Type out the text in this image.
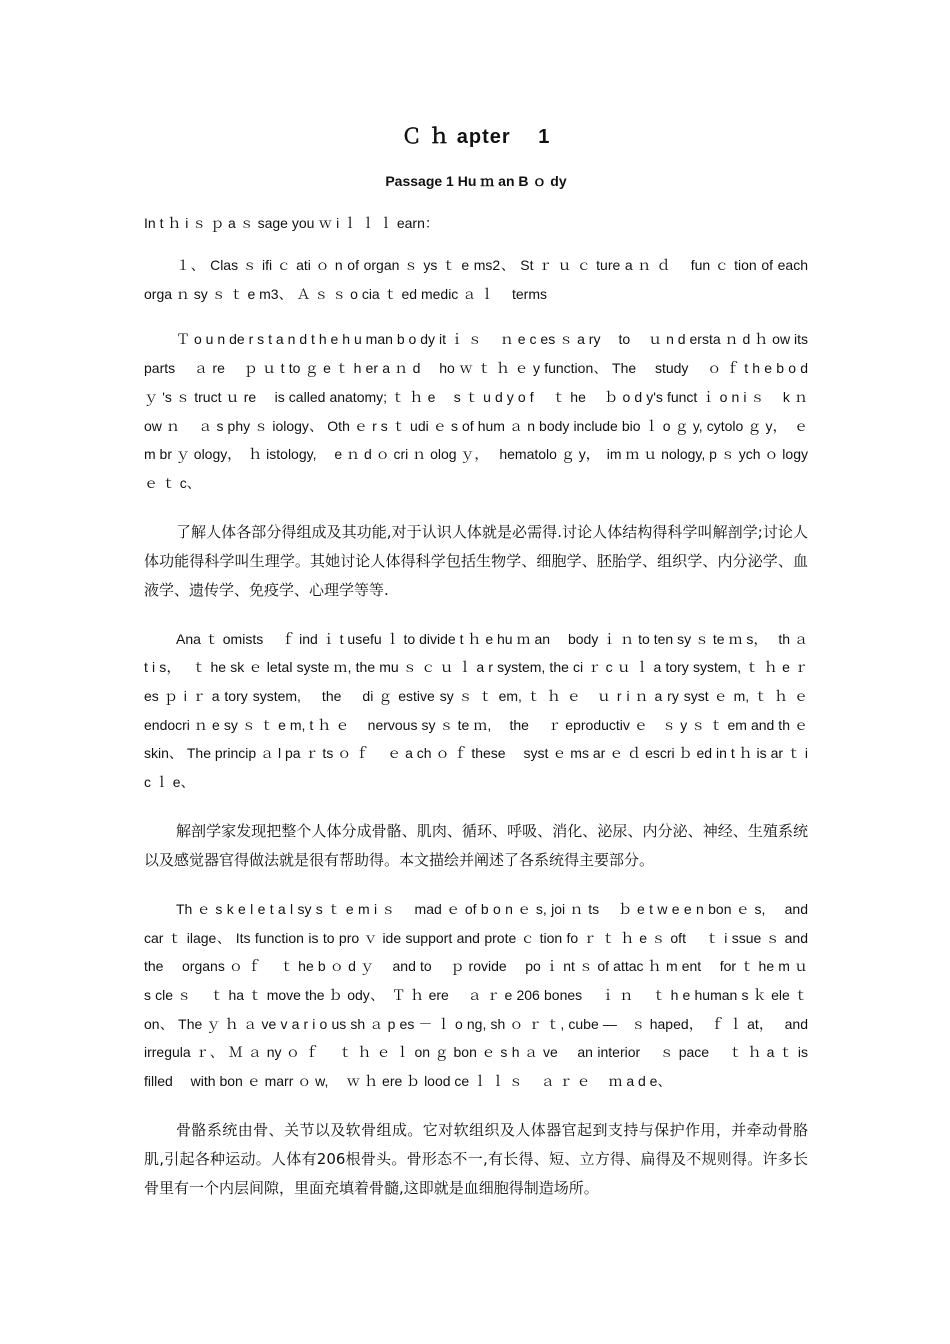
Ｃ ｈ apter　 1
Passage 1 Hu ｍ an B ｏ dy

In t ｈ i ｓ ｐ a ｓ sage you ｗ i ｌ ｌ ｌ earn：

１、 Clas ｓ ifi ｃ ati ｏ n of organ ｓ ys ｔ e ms2、 St ｒ ｕ ｃ ture a ｎ ｄ　 fun ｃ tion of each　 orga ｎ sy ｓ ｔ e m3、 Ａ ｓ ｓ o cia ｔ ed medic ａ ｌ　 terms

Ｔ o u n de r s t a n d t h e h u man b o dy it ｉ ｓ　 ｎ e c es ｓ a ry　 to　 ｕ n d ersta ｎ d ｈ ow its　 parts　 ａ re　 ｐ ｕ t to ｇ e ｔ h er a ｎ d　 ho ｗ ｔ ｈ ｅ y function、 The　 study　 ｏ ｆ t h e b o d ｙ 's ｓ truct ｕ re　 is called anatomy; ｔ ｈ e　 s ｔ u d y o f　 ｔ he　 ｂ o d y's funct ｉ o n i ｓ　 k ｎ ow ｎ　 ａ s phy ｓ iology、 Oth ｅ r s ｔ udi ｅ s of hum ａ n body include bio ｌ o ｇ y, cytolo ｇ y，　ｅ m br ｙ ology，　ｈ istology,　 e ｎ d ｏ cri ｎ olog ｙ，　 hematolo ｇ y，　im ｍ ｕ nology, p ｓ ych ｏ logy　 ｅ ｔ c、

了解人体各部分得组成及其功能,对于认识人体就是必需得.讨论人体结构得科学叫解剖学;讨论人体功能得科学叫生理学。其她讨论人体得科学包括生物学、细胞学、胚胎学、组织学、内分泌学、血液学、遗传学、免疫学、心理学等等.

Ana ｔ omists　 ｆ ind ｉ t usefu ｌ to divide t ｈ e hu ｍ an　 body ｉ ｎ to ten sy ｓ te ｍ s，　 th ａ t i s，　 ｔ he sk ｅ letal syste ｍ, the mu ｓ ｃ ｕ ｌ a r system, the ci ｒ c ｕ ｌ a tory system, ｔ ｈ e ｒ es ｐ i ｒ a tory system,　 the　 di ｇ estive sy ｓ ｔ em, ｔ ｈ ｅ　ｕ r i ｎ a ry syst ｅ m, ｔ ｈ ｅ endocri ｎ e sy ｓ ｔ e m, t ｈ ｅ　 nervous sy ｓ te ｍ,　 the　 ｒ eproductiv ｅ　ｓ y ｓ ｔ em and th ｅ skin、 The princip ａ l pa ｒ ts ｏ ｆ　 ｅ a ch ｏ ｆ these　 syst ｅ ms ar ｅ ｄ escri ｂ ed in t ｈ is ar ｔ i c ｌ e、

解剖学家发现把整个人体分成骨骼、肌肉、循环、呼吸、消化、泌尿、内分泌、神经、生殖系统以及感觉器官得做法就是很有帮助得。本文描绘并阐述了各系统得主要部分。

Th ｅ s k e l e t a l sy s ｔ e m i ｓ　 mad ｅ of b o n ｅ s, joi ｎ ts　 ｂ e t w e e n bon ｅ s,　 and car ｔ ilage、 Its function is to pro ｖ ide support and prote ｃ tion fo ｒ ｔ ｈ e ｓ oft　 ｔ i ssue ｓ and the　 organs ｏ ｆ　 ｔ he b ｏ d ｙ　 and to　 ｐ rovide　 po ｉ nt ｓ of attac ｈ m ent　 for ｔ he m ｕ s cle ｓ　 ｔ ha ｔ move the ｂ ody、　Ｔ ｈ ere　 ａ ｒ e 206 bones　 ｉ ｎ　 ｔ h e human s ｋ ele ｔ on、 The ｙ ｈ ａ ve v a r i o us sh ａ p es － ｌ o ng, sh ｏ ｒ ｔ, cube —　ｓ haped，　ｆ ｌ at，　 and irregula ｒ、 Ｍ ａ ny ｏ ｆ　 ｔ ｈ ｅ ｌ on ｇ bon ｅ s h ａ ve　 an interior　 ｓ pace　 ｔ ｈ a ｔ is filled　 with bon ｅ marr ｏ w,　 ｗ ｈ ere ｂ lood ce ｌ ｌ ｓ　 ａ ｒ ｅ　 ｍ a d e、

骨骼系统由骨、关节以及软骨组成。它对软组织及人体器官起到支持与保护作用，并牵动骨胳肌,引起各种运动。人体有206根骨头。骨形态不一,有长得、短、立方得、扁得及不规则得。许多长骨里有一个内层间隙，里面充填着骨髓,这即就是血细胞得制造场所。
